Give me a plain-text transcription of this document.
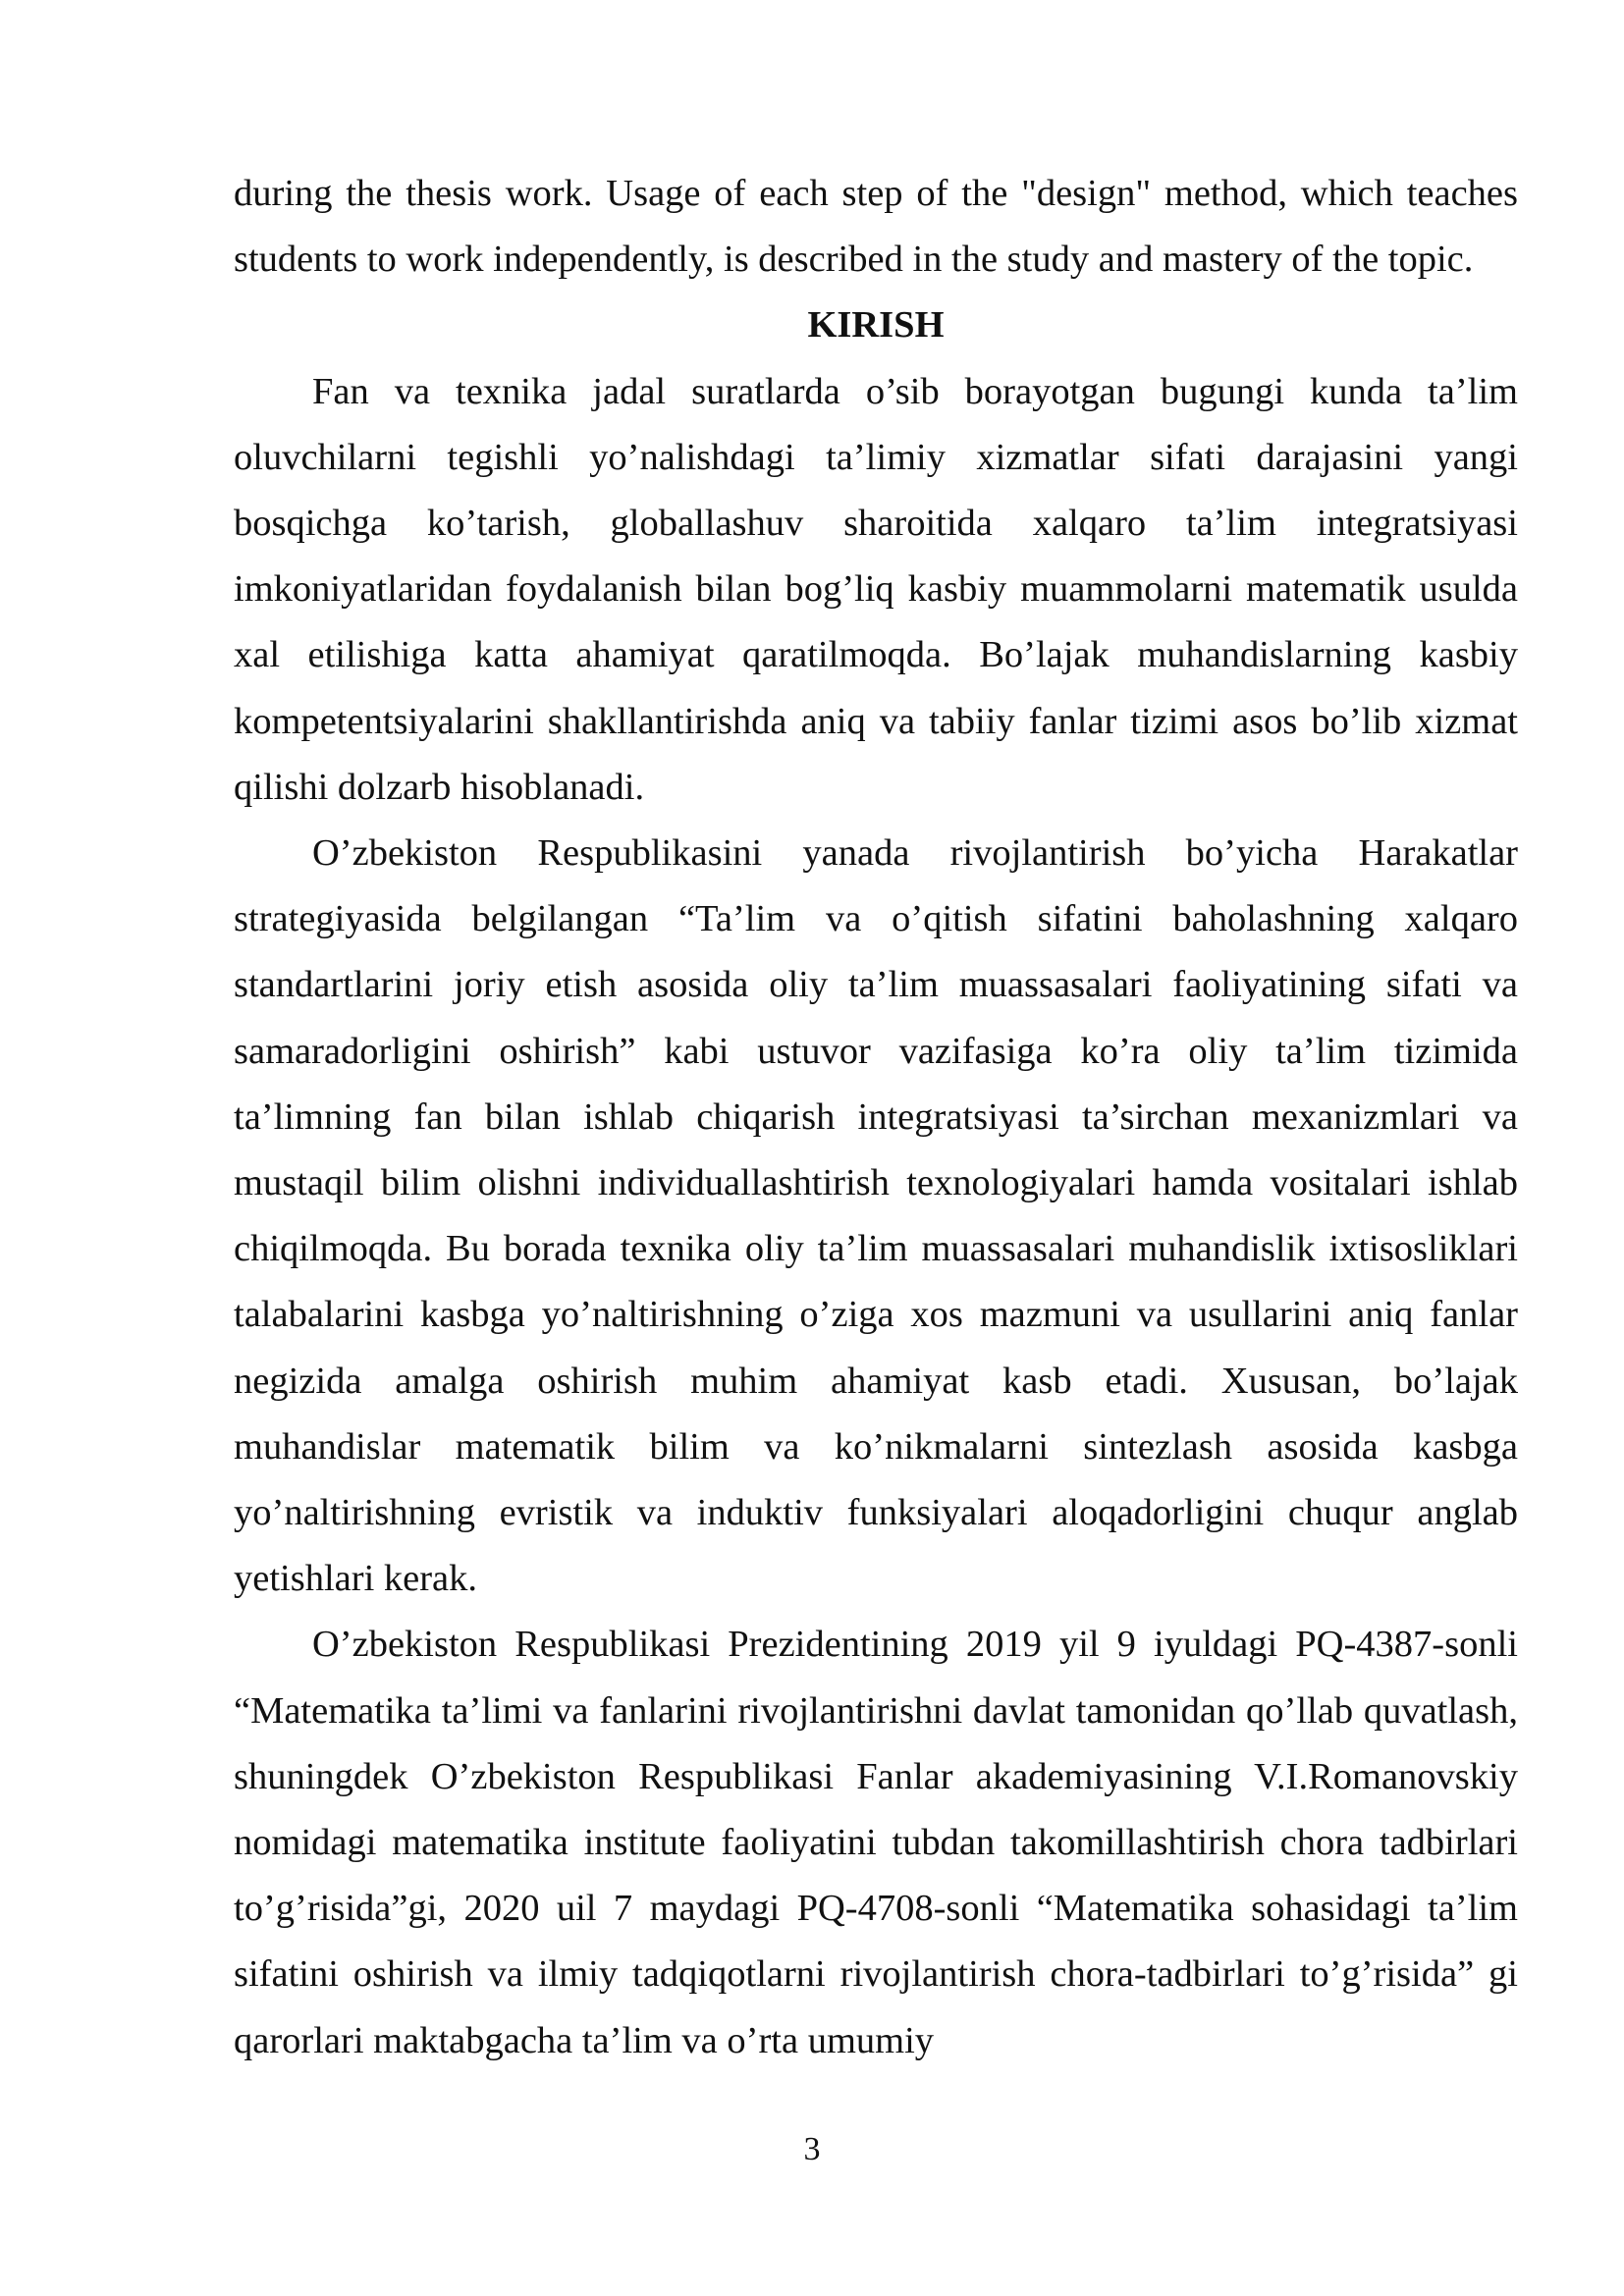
during the thesis work. Usage of each step of the "design" method, which teaches students to work independently, is described in the study and mastery of the topic.

KIRISH

Fan va texnika jadal suratlarda o’sib borayotgan bugungi kunda ta’lim oluvchilarni tegishli yo’nalishdagi ta’limiy xizmatlar sifati darajasini yangi bosqichga ko’tarish, globallashuv sharoitida xalqaro ta’lim integratsiyasi imkoniyatlaridan foydalanish bilan bog’liq kasbiy muammolarni matematik usulda xal etilishiga katta ahamiyat qaratilmoqda. Bo’lajak muhandislarning kasbiy kompetentsiyalarini shakllantirishda aniq va tabiiy fanlar tizimi asos bo’lib xizmat qilishi dolzarb hisoblanadi.

O’zbekiston Respublikasini yanada rivojlantirish bo’yicha Harakatlar strategiyasida belgilangan “Ta’lim va o’qitish sifatini baholashning xalqaro standartlarini joriy etish asosida oliy ta’lim muassasalari faoliyatining sifati va samaradorligini oshirish” kabi ustuvor vazifasiga ko’ra oliy ta’lim tizimida ta’limning fan bilan ishlab chiqarish integratsiyasi ta’sirchan mexanizmlari va mustaqil bilim olishni individuallashtirish texnologiyalari hamda vositalari ishlab chiqilmoqda. Bu borada texnika oliy ta’lim muassasalari muhandislik ixtisosliklari talabalarini kasbga yo’naltirishning o’ziga xos mazmuni va usullarini aniq fanlar negizida amalga oshirish muhim ahamiyat kasb etadi. Xususan, bo’lajak muhandislar matematik bilim va ko’nikmalarni sintezlash asosida kasbga yo’naltirishning evristik va induktiv funksiyalari aloqadorligini chuqur anglab yetishlari kerak.

O’zbekiston Respublikasi Prezidentining 2019 yil 9 iyuldagi PQ-4387-sonli “Matematika ta’limi va fanlarini rivojlantirishni davlat tamonidan qo’llab quvatlash, shuningdek O’zbekiston Respublikasi Fanlar akademiyasining V.I.Romanovskiy nomidagi matematika institute faoliyatini tubdan takomillashtirish chora tadbirlari to’g’risida”gi, 2020 uil 7 maydagi PQ-4708-sonli “Matematika sohasidagi ta’lim sifatini oshirish va ilmiy tadqiqotlarni rivojlantirish chora-tadbirlari to’g’risida” gi qarorlari maktabgacha ta’lim va o’rta umumiy

3
